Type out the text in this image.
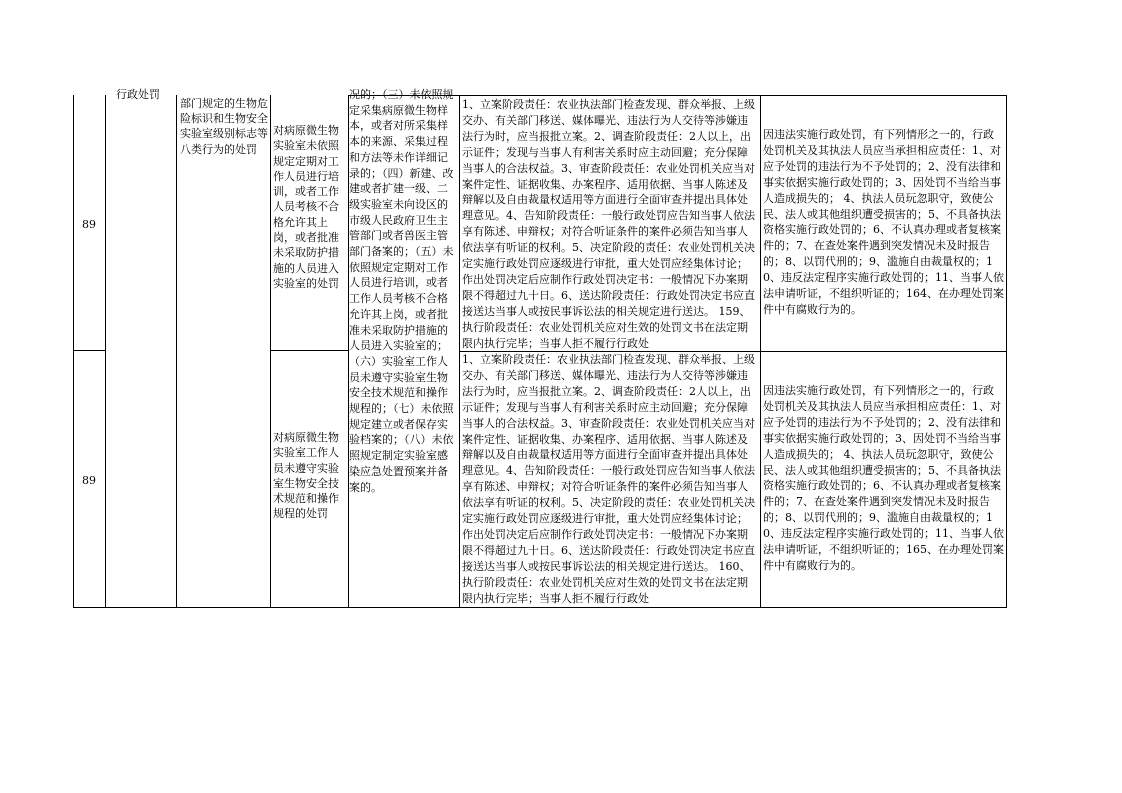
89
89
行政处罚
部门规定的生物危险标识和生物安全实验室级别标志等八类行为的处罚
对病原微生物实验室未依照规定定期对工作人员进行培训，或者工作人员考核不合格允许其上岗，或者批准未采取防护措施的人员进入实验室的处罚
对病原微生物实验室工作人员未遵守实验室生物安全技术规范和操作规程的处罚
况的；（三）未依照规定采集病原微生物样本，或者对所采集样本的来源、采集过程和方法等未作详细记录的；（四）新建、改建或者扩建一级、二级实验室未向设区的市级人民政府卫生主管部门或者兽医主管部门备案的；（五）未依照规定定期对工作人员进行培训，或者工作人员考核不合格允许其上岗，或者批准未采取防护措施的人员进入实验室的；（六）实验室工作人员未遵守实验室生物安全技术规范和操作规程的；（七）未依照规定建立或者保存实验档案的；（八）未依照规定制定实验室感染应急处置预案并备案的。
1、立案阶段责任：农业执法部门检查发现、群众举报、上级交办、有关部门移送、媒体曝光、违法行为人交待等涉嫌违法行为时，应当报批立案。2、调查阶段责任：2人以上，出示证件；发现与当事人有利害关系时应主动回避；充分保障当事人的合法权益。3、审查阶段责任：农业处罚机关应当对案件定性、证据收集、办案程序、适用依据、当事人陈述及辩解以及自由裁量权适用等方面进行全面审查并提出具体处理意见。4、告知阶段责任：一般行政处罚应告知当事人依法享有陈述、申辩权；对符合听证条件的案件必须告知当事人依法享有听证的权利。5、决定阶段的责任：农业处罚机关决定实施行政处罚应逐级进行审批，重大处罚应经集体讨论；作出处罚决定后应制作行政处罚决定书：一般情况下办案期限不得超过九十日。6、送达阶段责任：行政处罚决定书应直接送达当事人或按民事诉讼法的相关规定进行送达。 159、执行阶段责任：农业处罚机关应对生效的处罚文书在法定期限内执行完毕；当事人拒不履行行政处
1、立案阶段责任：农业执法部门检查发现、群众举报、上级交办、有关部门移送、媒体曝光、违法行为人交待等涉嫌违法行为时，应当报批立案。2、调查阶段责任：2人以上，出示证件；发现与当事人有利害关系时应主动回避；充分保障当事人的合法权益。3、审查阶段责任：农业处罚机关应当对案件定性、证据收集、办案程序、适用依据、当事人陈述及辩解以及自由裁量权适用等方面进行全面审查并提出具体处理意见。4、告知阶段责任：一般行政处罚应告知当事人依法享有陈述、申辩权；对符合听证条件的案件必须告知当事人依法享有听证的权利。5、决定阶段的责任：农业处罚机关决定实施行政处罚应逐级进行审批，重大处罚应经集体讨论；作出处罚决定后应制作行政处罚决定书：一般情况下办案期限不得超过九十日。6、送达阶段责任：行政处罚决定书应直接送达当事人或按民事诉讼法的相关规定进行送达。 160、执行阶段责任：农业处罚机关应对生效的处罚文书在法定期限内执行完毕；当事人拒不履行行政处
因违法实施行政处罚，有下列情形之一的，行政处罚机关及其执法人员应当承担相应责任：1、对应予处罚的违法行为不予处罚的；2、没有法律和事实依据实施行政处罚的；3、因处罚不当给当事人造成损失的； 4、执法人员玩忽职守，致使公民、法人或其他组织遭受损害的；5、不具备执法资格实施行政处罚的；6、不认真办理或者复核案件的；7、在查处案件遇到突发情况未及时报告的；8、以罚代刑的；9、滥施自由裁量权的；10、违反法定程序实施行政处罚的；11、当事人依法申请听证，不组织听证的；164、在办理处罚案件中有腐败行为的。
因违法实施行政处罚，有下列情形之一的，行政处罚机关及其执法人员应当承担相应责任：1、对应予处罚的违法行为不予处罚的；2、没有法律和事实依据实施行政处罚的；3、因处罚不当给当事人造成损失的； 4、执法人员玩忽职守，致使公民、法人或其他组织遭受损害的；5、不具备执法资格实施行政处罚的；6、不认真办理或者复核案件的；7、在查处案件遇到突发情况未及时报告的；8、以罚代刑的；9、滥施自由裁量权的；10、违反法定程序实施行政处罚的；11、当事人依法申请听证，不组织听证的；165、在办理处罚案件中有腐败行为的。
